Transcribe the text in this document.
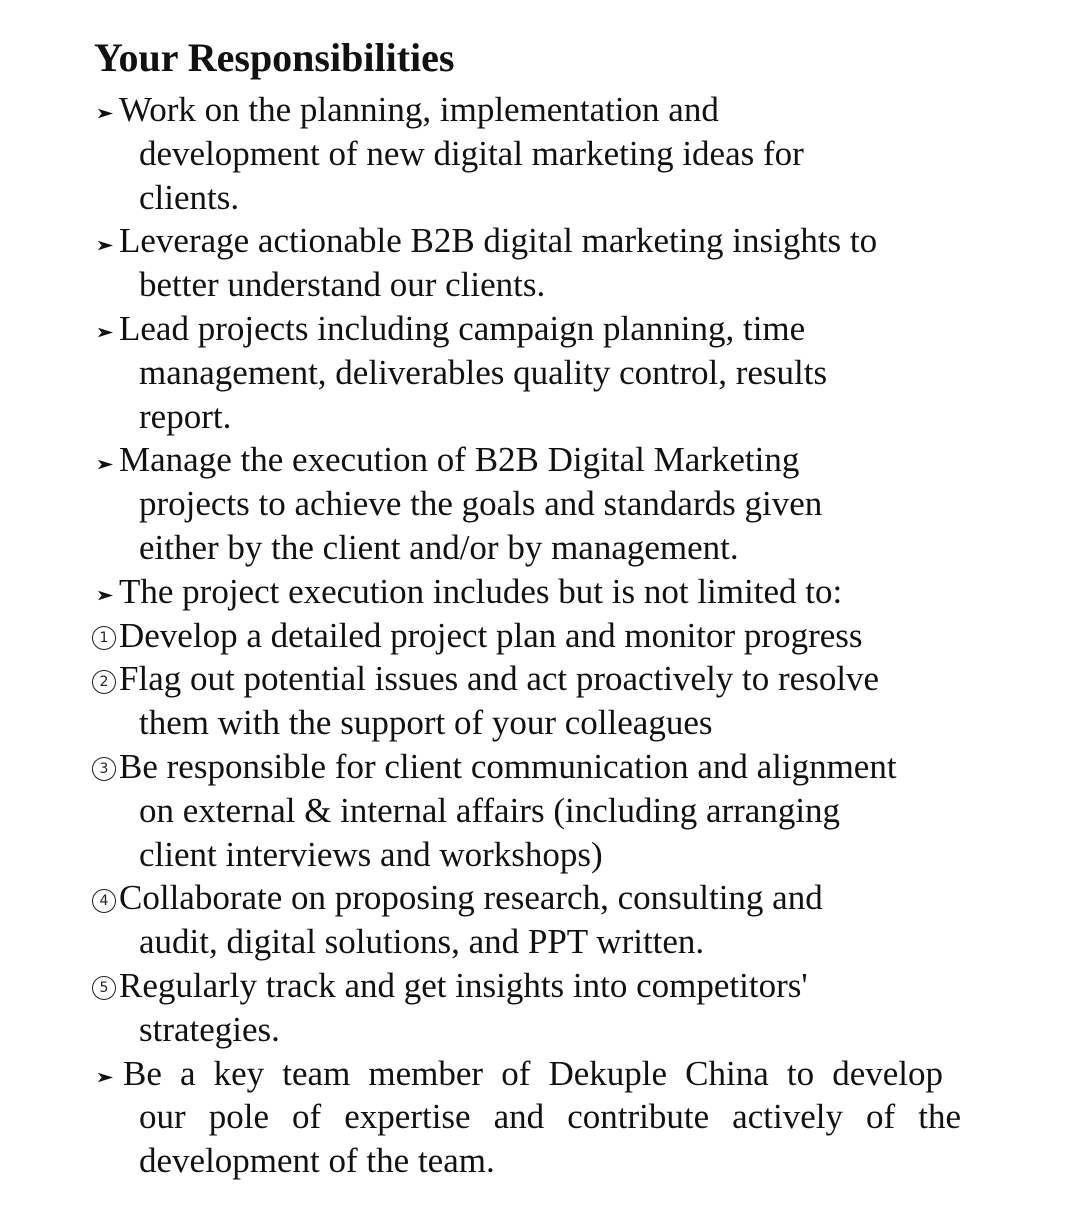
Your Responsibilities
Work on the planning, implementation and
development of new digital marketing ideas for
clients.
Leverage actionable B2B digital marketing insights to
better understand our clients.
Lead projects including campaign planning, time
management, deliverables quality control, results
report.
Manage the execution of B2B Digital Marketing
projects to achieve the goals and standards given
either by the client and/or by management.
The project execution includes but is not limited to:
1 Develop a detailed project plan and monitor progress
2 Flag out potential issues and act proactively to resolve
them with the support of your colleagues
3 Be responsible for client communication and alignment
on external & internal affairs (including arranging
client interviews and workshops)
4 Collaborate on proposing research, consulting and
audit, digital solutions, and PPT written.
5 Regularly track and get insights into competitors'
strategies.
Be a key team member of Dekuple China to develop
our pole of expertise and contribute actively of the
development of the team.
